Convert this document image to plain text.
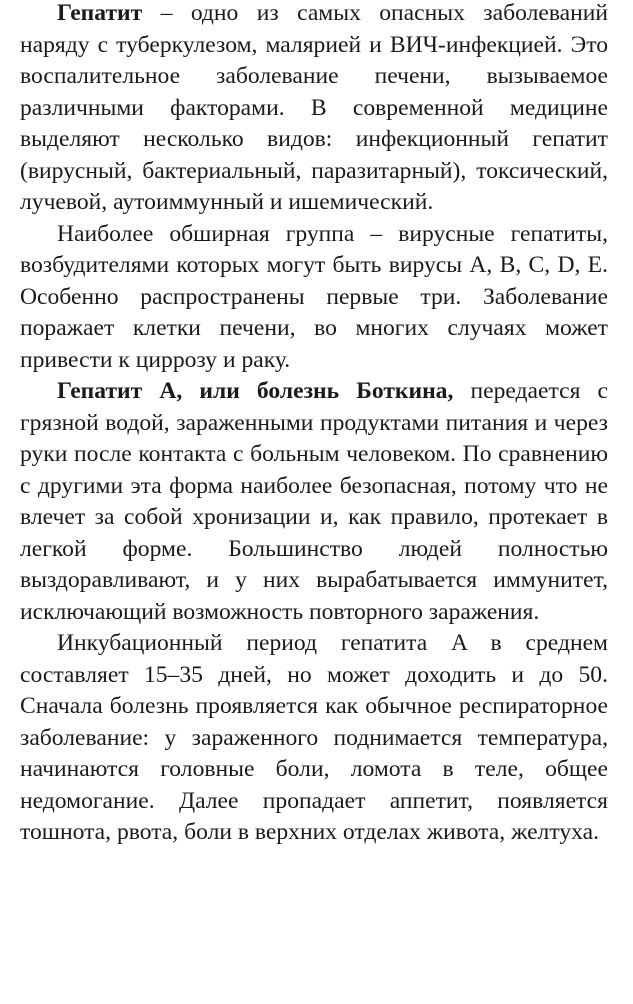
Гепатит – одно из самых опасных заболеваний наряду с туберкулезом, малярией и ВИЧ-инфекцией. Это воспалительное заболевание печени, вызываемое различными факторами. В современной медицине выделяют несколько видов: инфекционный гепатит (вирусный, бактериальный, паразитарный), токсический, лучевой, аутоиммунный и ишемический.

Наиболее обширная группа – вирусные гепатиты, возбудителями которых могут быть вирусы A, B, C, D, E. Особенно распространены первые три. Заболевание поражает клетки печени, во многих случаях может привести к циррозу и раку.

Гепатит A, или болезнь Боткина, передается с грязной водой, зараженными продуктами питания и через руки после контакта с больным человеком. По сравнению с другими эта форма наиболее безопасная, потому что не влечет за собой хронизации и, как правило, протекает в легкой форме. Большинство людей полностью выздоравливают, и у них вырабатывается иммунитет, исключающий возможность повторного заражения.

Инкубационный период гепатита A в среднем составляет 15–35 дней, но может доходить и до 50. Сначала болезнь проявляется как обычное респираторное заболевание: у зараженного поднимается температура, начинаются головные боли, ломота в теле, общее недомогание. Далее пропадает аппетит, появляется тошнота, рвота, боли в верхних отделах живота, желтуха.
